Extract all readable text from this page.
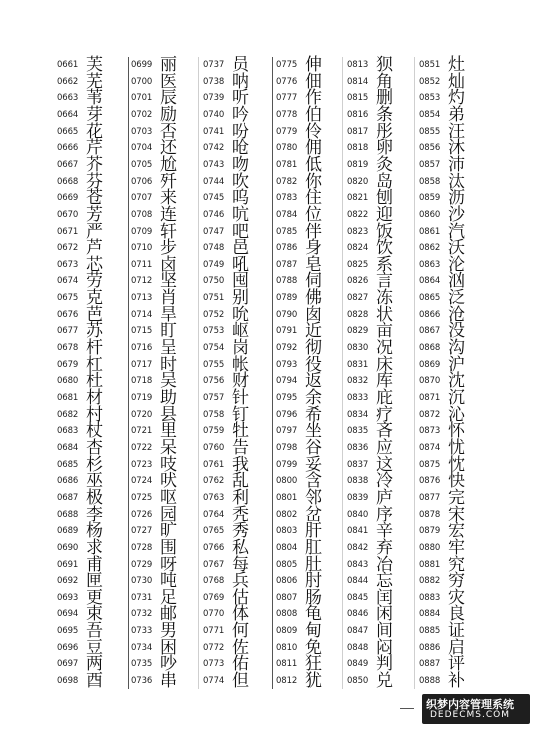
0661 芙
0662 芜
0663 苇
0664 芽
0665 花
0666 芹
0667 芥
0668 芬
0669 苍
0670 芳
0671 严
0672 芦
0673 芯
0674 劳
0675 克
0676 芭
0677 苏
0678 杆
0679 杠
0680 杜
0681 材
0682 村
0683 杖
0684 杏
0685 杉
0686 巫
0687 极
0688 李
0689 杨
0690 求
0691 甫
0692 匣
0693 更
0694 束
0695 吾
0696 豆
0697 两
0698 酉
0699 丽
0700 医
0701 辰
0702 励
0703 否
0704 还
0705 尬
0706 歼
0707 来
0708 连
0709 轩
0710 步
0711 卤
0712 坚
0713 肖
0714 旱
0715 盯
0716 呈
0717 时
0718 吴
0719 助
0720 县
0721 里
0722 呆
0723 吱
0724 吠
0725 呕
0726 园
0727 旷
0728 围
0729 呀
0730 吨
0731 足
0732 邮
0733 男
0734 困
0735 吵
0736 串
0737 员
0738 呐
0739 听
0740 吟
0741 吩
0742 呛
0743 吻
0744 吹
0745 呜
0746 吭
0747 吧
0748 邑
0749 吼
0750 囤
0751 别
0752 吮
0753 岖
0754 岗
0755 帐
0756 财
0757 针
0758 钉
0759 牡
0760 告
0761 我
0762 乱
0763 利
0764 秃
0765 秀
0766 私
0767 每
0768 兵
0769 估
0770 体
0771 何
0772 佐
0773 佑
0774 但
0775 伸
0776 佃
0777 作
0778 伯
0779 伶
0780 佣
0781 低
0782 你
0783 住
0784 位
0785 伴
0786 身
0787 皂
0788 伺
0789 佛
0790 囱
0791 近
0792 彻
0793 役
0794 返
0795 余
0796 希
0797 坐
0798 谷
0799 妥
0800 含
0801 邻
0802 岔
0803 肝
0804 肛
0805 肚
0806 肘
0807 肠
0808 龟
0809 甸
0810 免
0811 狂
0812 犹
0813 狈
0814 角
0815 删
0816 条
0817 彤
0818 卵
0819 灸
0820 岛
0821 刨
0822 迎
0823 饭
0824 饮
0825 系
0826 言
0827 冻
0828 状
0829 亩
0830 况
0831 床
0832 库
0833 庇
0834 疗
0835 吝
0836 应
0837 这
0838 冷
0839 庐
0840 序
0841 辛
0842 弃
0843 冶
0844 忘
0845 闰
0846 闲
0847 间
0848 闷
0849 判
0850 兑
0851 灶
0852 灿
0853 灼
0854 弟
0855 汪
0856 沐
0857 沛
0858 汰
0859 沥
0860 沙
0861 汽
0862 沃
0863 沦
0864 汹
0865 泛
0866 沧
0867 没
0868 沟
0869 沪
0870 沈
0871 沉
0872 沁
0873 怀
0874 忧
0875 忱
0876 快
0877 完
0878 宋
0879 宏
0880 牢
0881 究
0882 穷
0883 灾
0884 良
0885 证
0886 启
0887 评
0888 补
织梦内容管理系统
DEDECMS.COM
